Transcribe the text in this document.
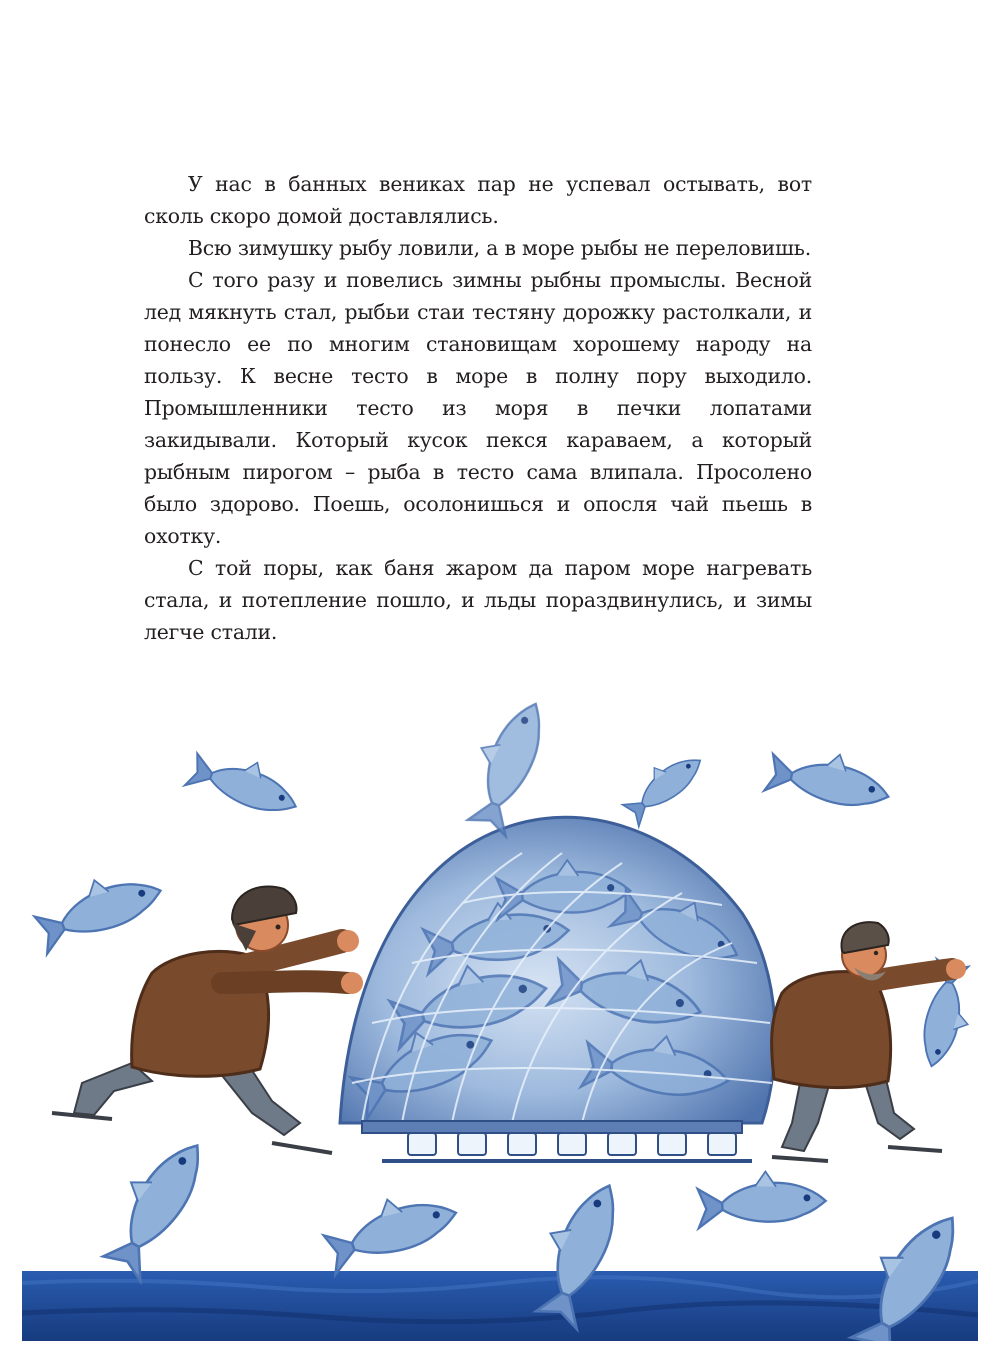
У нас в банных вениках пар не успевал остывать, вот сколь скоро домой доставлялись.

Всю зимушку рыбу ловили, а в море рыбы не переловишь.

С того разу и повелись зимны рыбны промыслы. Весной лед мякнуть стал, рыбьи стаи тестяну дорожку растолкали, и понесло ее по многим становищам хорошему народу на пользу. К весне тесто в море в полну пору выходило. Промышленники тесто из моря в печки лопатами закидывали. Который кусок пекся караваем, а который рыбным пирогом – рыба в тесто сама влипала. Просолено было здорово. Поешь, осолонишься и опосля чай пьешь в охотку.

С той поры, как баня жаром да паром море нагревать стала, и потепление пошло, и льды пораздвинулись, и зимы легче стали.
